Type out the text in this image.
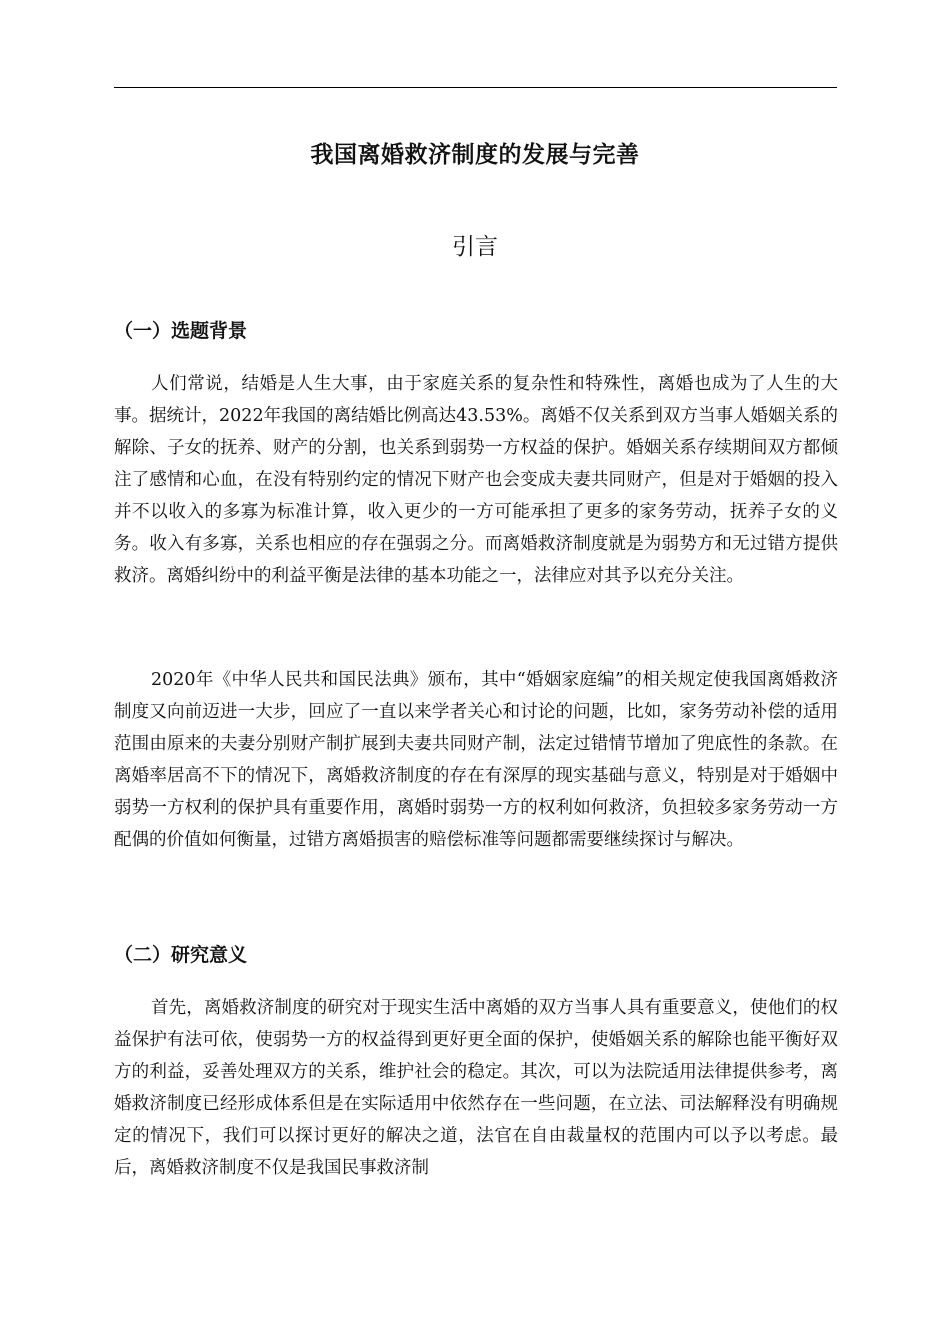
我国离婚救济制度的发展与完善
引言
（一）选题背景

人们常说，结婚是人生大事，由于家庭关系的复杂性和特殊性，离婚也成为了人生的大事。据统计，2022年我国的离结婚比例高达43.53%。离婚不仅关系到双方当事人婚姻关系的解除、子女的抚养、财产的分割，也关系到弱势一方权益的保护。婚姻关系存续期间双方都倾注了感情和心血，在没有特别约定的情况下财产也会变成夫妻共同财产，但是对于婚姻的投入并不以收入的多寡为标准计算，收入更少的一方可能承担了更多的家务劳动，抚养子女的义务。收入有多寡，关系也相应的存在强弱之分。而离婚救济制度就是为弱势方和无过错方提供救济。离婚纠纷中的利益平衡是法律的基本功能之一，法律应对其予以充分关注。

2020年《中华人民共和国民法典》颁布，其中“婚姻家庭编”的相关规定使我国离婚救济制度又向前迈进一大步，回应了一直以来学者关心和讨论的问题，比如，家务劳动补偿的适用范围由原来的夫妻分别财产制扩展到夫妻共同财产制，法定过错情节增加了兜底性的条款。在离婚率居高不下的情况下，离婚救济制度的存在有深厚的现实基础与意义，特别是对于婚姻中弱势一方权利的保护具有重要作用，离婚时弱势一方的权利如何救济，负担较多家务劳动一方配偶的价值如何衡量，过错方离婚损害的赔偿标准等问题都需要继续探讨与解决。

（二）研究意义

首先，离婚救济制度的研究对于现实生活中离婚的双方当事人具有重要意义，使他们的权益保护有法可依，使弱势一方的权益得到更好更全面的保护，使婚姻关系的解除也能平衡好双方的利益，妥善处理双方的关系，维护社会的稳定。其次，可以为法院适用法律提供参考，离婚救济制度已经形成体系但是在实际适用中依然存在一些问题，在立法、司法解释没有明确规定的情况下，我们可以探讨更好的解决之道，法官在自由裁量权的范围内可以予以考虑。最后，离婚救济制度不仅是我国民事救济制
